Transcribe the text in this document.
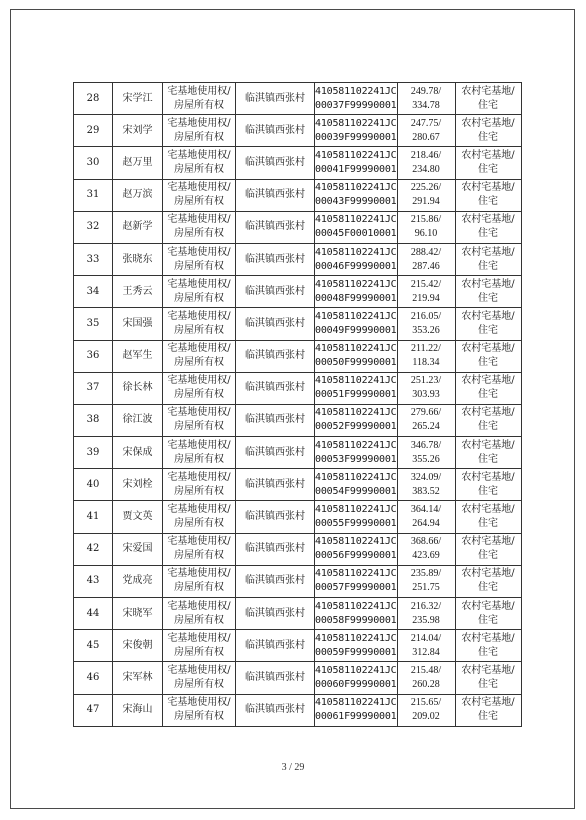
28	宋学江	宅基地使用权/
房屋所有权	临淇镇西张村	410581102241JC
00037F99990001	249.78/
334.78	农村宅基地/
住宅

29	宋刘学	宅基地使用权/
房屋所有权	临淇镇西张村	410581102241JC
00039F99990001	247.75/
280.67	农村宅基地/
住宅

30	赵万里	宅基地使用权/
房屋所有权	临淇镇西张村	410581102241JC
00041F99990001	218.46/
234.80	农村宅基地/
住宅

31	赵万滨	宅基地使用权/
房屋所有权	临淇镇西张村	410581102241JC
00043F99990001	225.26/
291.94	农村宅基地/
住宅

32	赵新学	宅基地使用权/
房屋所有权	临淇镇西张村	410581102241JC
00045F00010001	215.86/
96.10	农村宅基地/
住宅

33	张晓东	宅基地使用权/
房屋所有权	临淇镇西张村	410581102241JC
00046F99990001	288.42/
287.46	农村宅基地/
住宅

34	王秀云	宅基地使用权/
房屋所有权	临淇镇西张村	410581102241JC
00048F99990001	215.42/
219.94	农村宅基地/
住宅

35	宋国强	宅基地使用权/
房屋所有权	临淇镇西张村	410581102241JC
00049F99990001	216.05/
353.26	农村宅基地/
住宅

36	赵军生	宅基地使用权/
房屋所有权	临淇镇西张村	410581102241JC
00050F99990001	211.22/
118.34	农村宅基地/
住宅

37	徐长林	宅基地使用权/
房屋所有权	临淇镇西张村	410581102241JC
00051F99990001	251.23/
303.93	农村宅基地/
住宅

38	徐江波	宅基地使用权/
房屋所有权	临淇镇西张村	410581102241JC
00052F99990001	279.66/
265.24	农村宅基地/
住宅

39	宋保成	宅基地使用权/
房屋所有权	临淇镇西张村	410581102241JC
00053F99990001	346.78/
355.26	农村宅基地/
住宅

40	宋刘栓	宅基地使用权/
房屋所有权	临淇镇西张村	410581102241JC
00054F99990001	324.09/
383.52	农村宅基地/
住宅

41	贾文英	宅基地使用权/
房屋所有权	临淇镇西张村	410581102241JC
00055F99990001	364.14/
264.94	农村宅基地/
住宅

42	宋爱国	宅基地使用权/
房屋所有权	临淇镇西张村	410581102241JC
00056F99990001	368.66/
423.69	农村宅基地/
住宅

43	党成亮	宅基地使用权/
房屋所有权	临淇镇西张村	410581102241JC
00057F99990001	235.89/
251.75	农村宅基地/
住宅

44	宋晓军	宅基地使用权/
房屋所有权	临淇镇西张村	410581102241JC
00058F99990001	216.32/
235.98	农村宅基地/
住宅

45	宋俊朝	宅基地使用权/
房屋所有权	临淇镇西张村	410581102241JC
00059F99990001	214.04/
312.84	农村宅基地/
住宅

46	宋军林	宅基地使用权/
房屋所有权	临淇镇西张村	410581102241JC
00060F99990001	215.48/
260.28	农村宅基地/
住宅

47	宋海山	宅基地使用权/
房屋所有权	临淇镇西张村	410581102241JC
00061F99990001	215.65/
209.02	农村宅基地/
住宅
3 / 29
